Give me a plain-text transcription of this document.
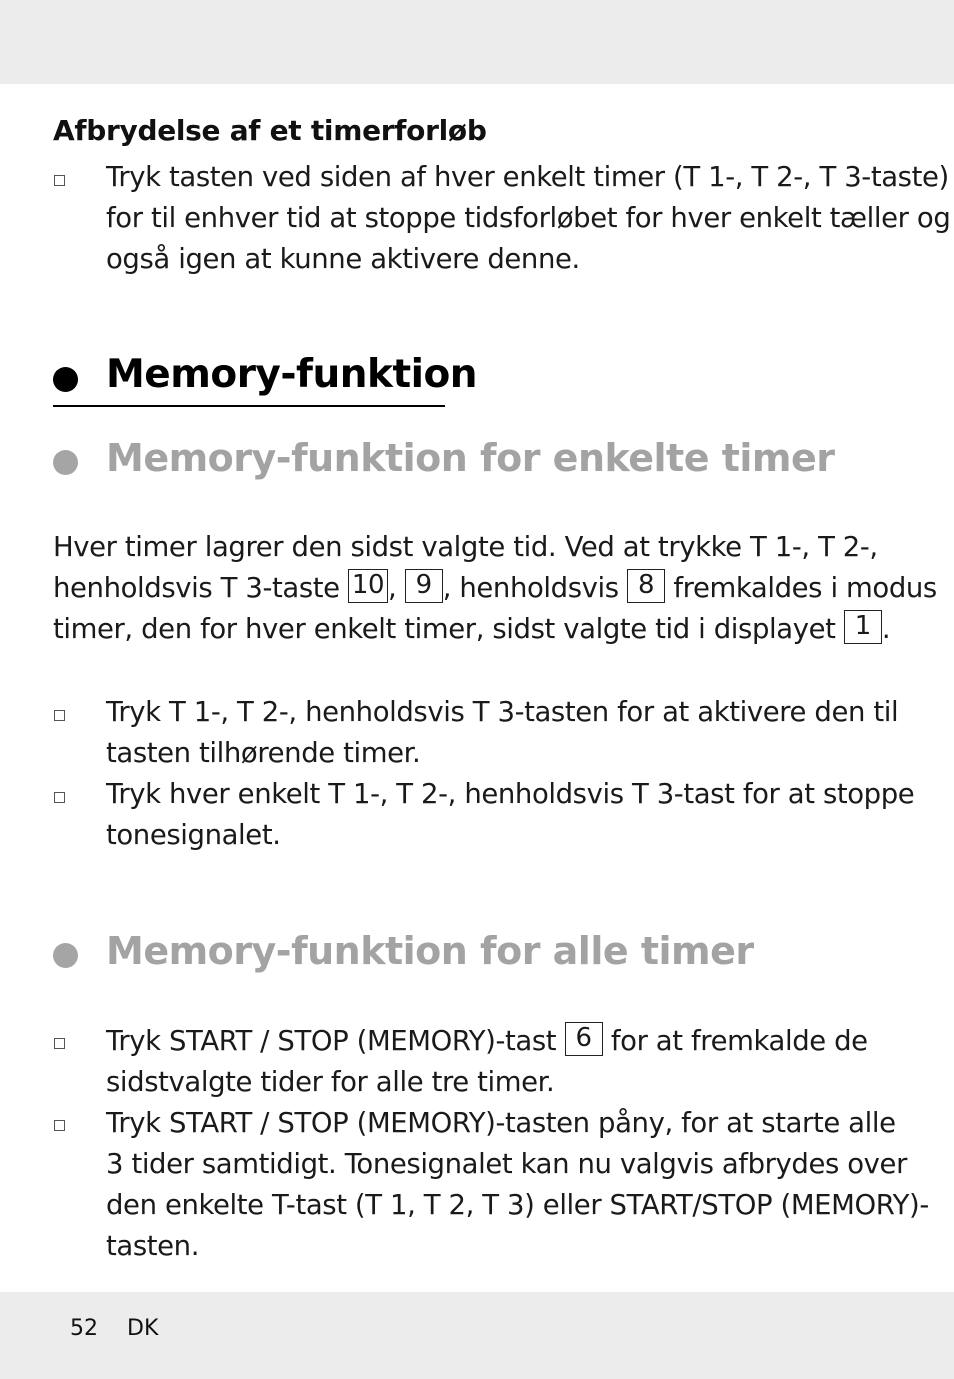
Afbrydelse af et timerforløb
Tryk tasten ved siden af hver enkelt timer (T 1-, T 2-, T 3-taste)
for til enhver tid at stoppe tidsforløbet for hver enkelt tæller og
også igen at kunne aktivere denne.
Memory-funktion
Memory-funktion for enkelte timer
Hver timer lagrer den sidst valgte tid. Ved at trykke T 1-, T 2-,
henholdsvis T 3-taste 10 , 9 , henholdsvis 8 fremkaldes i modus
timer, den for hver enkelt timer, sidst valgte tid i displayet 1 .
Tryk T 1-, T 2-, henholdsvis T 3-tasten for at aktivere den til
tasten tilhørende timer.
Tryk hver enkelt T 1-, T 2-, henholdsvis T 3-tast for at stoppe
tonesignalet.
Memory-funktion for alle timer
Tryk START / STOP (MEMORY)-tast 6 for at fremkalde de
sidstvalgte tider for alle tre timer.
Tryk START / STOP (MEMORY)-tasten påny, for at starte alle
3 tider samtidigt. Tonesignalet kan nu valgvis afbrydes over
den enkelte T-tast (T 1, T 2, T 3) eller START/STOP (MEMORY)-
tasten.
52 DK
